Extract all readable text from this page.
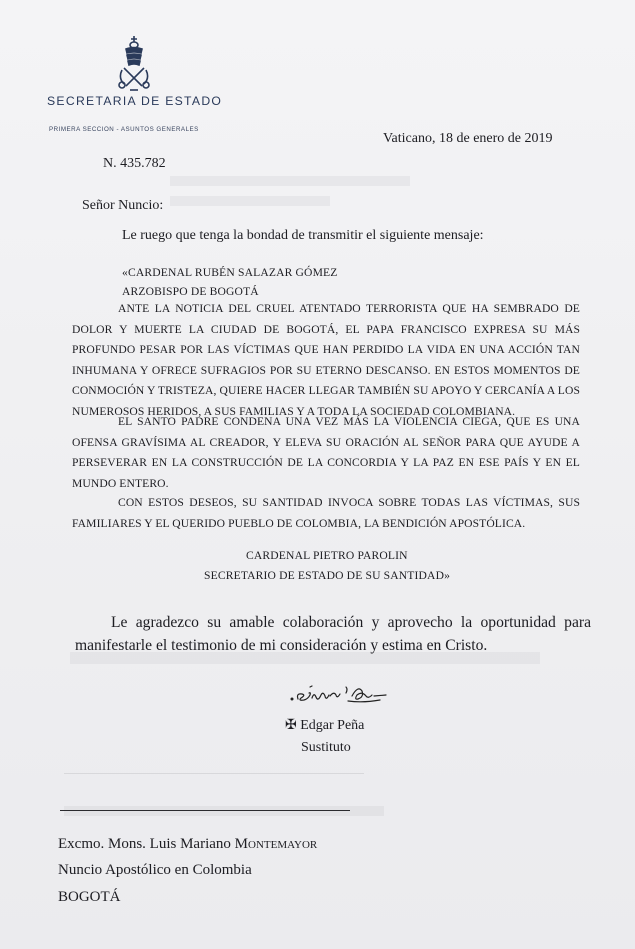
SECRETARIA DE ESTADO
PRIMERA SECCION - ASUNTOS GENERALES
Vaticano, 18 de enero de 2019
N. 435.782
Señor Nuncio:
Le ruego que tenga la bondad de transmitir el siguiente mensaje:
«CARDENAL RUBÉN SALAZAR GÓMEZ
ARZOBISPO DE BOGOTÁ
ANTE LA NOTICIA DEL CRUEL ATENTADO TERRORISTA QUE HA SEMBRADO DE DOLOR Y MUERTE LA CIUDAD DE BOGOTÁ, EL PAPA FRANCISCO EXPRESA SU MÁS PROFUNDO PESAR POR LAS VÍCTIMAS QUE HAN PERDIDO LA VIDA EN UNA ACCIÓN TAN INHUMANA Y OFRECE SUFRAGIOS POR SU ETERNO DESCANSO. EN ESTOS MOMENTOS DE CONMOCIÓN Y TRISTEZA, QUIERE HACER LLEGAR TAMBIÉN SU APOYO Y CERCANÍA A LOS NUMEROSOS HERIDOS, A SUS FAMILIAS Y A TODA LA SOCIEDAD COLOMBIANA.
EL SANTO PADRE CONDENA UNA VEZ MÁS LA VIOLENCIA CIEGA, QUE ES UNA OFENSA GRAVÍSIMA AL CREADOR, Y ELEVA SU ORACIÓN AL SEÑOR PARA QUE AYUDE A PERSEVERAR EN LA CONSTRUCCIÓN DE LA CONCORDIA Y LA PAZ EN ESE PAÍS Y EN EL MUNDO ENTERO.
CON ESTOS DESEOS, SU SANTIDAD INVOCA SOBRE TODAS LAS VÍCTIMAS, SUS FAMILIARES Y EL QUERIDO PUEBLO DE COLOMBIA, LA BENDICIÓN APOSTÓLICA.
CARDENAL PIETRO PAROLIN
SECRETARIO DE ESTADO DE SU SANTIDAD»
Le agradezco su amable colaboración y aprovecho la oportunidad para manifestarle el testimonio de mi consideración y estima en Cristo.
✠ Edgar Peña
Sustituto
Excmo. Mons. Luis Mariano Montemayor
Nuncio Apostólico en Colombia
BOGOTÁ
